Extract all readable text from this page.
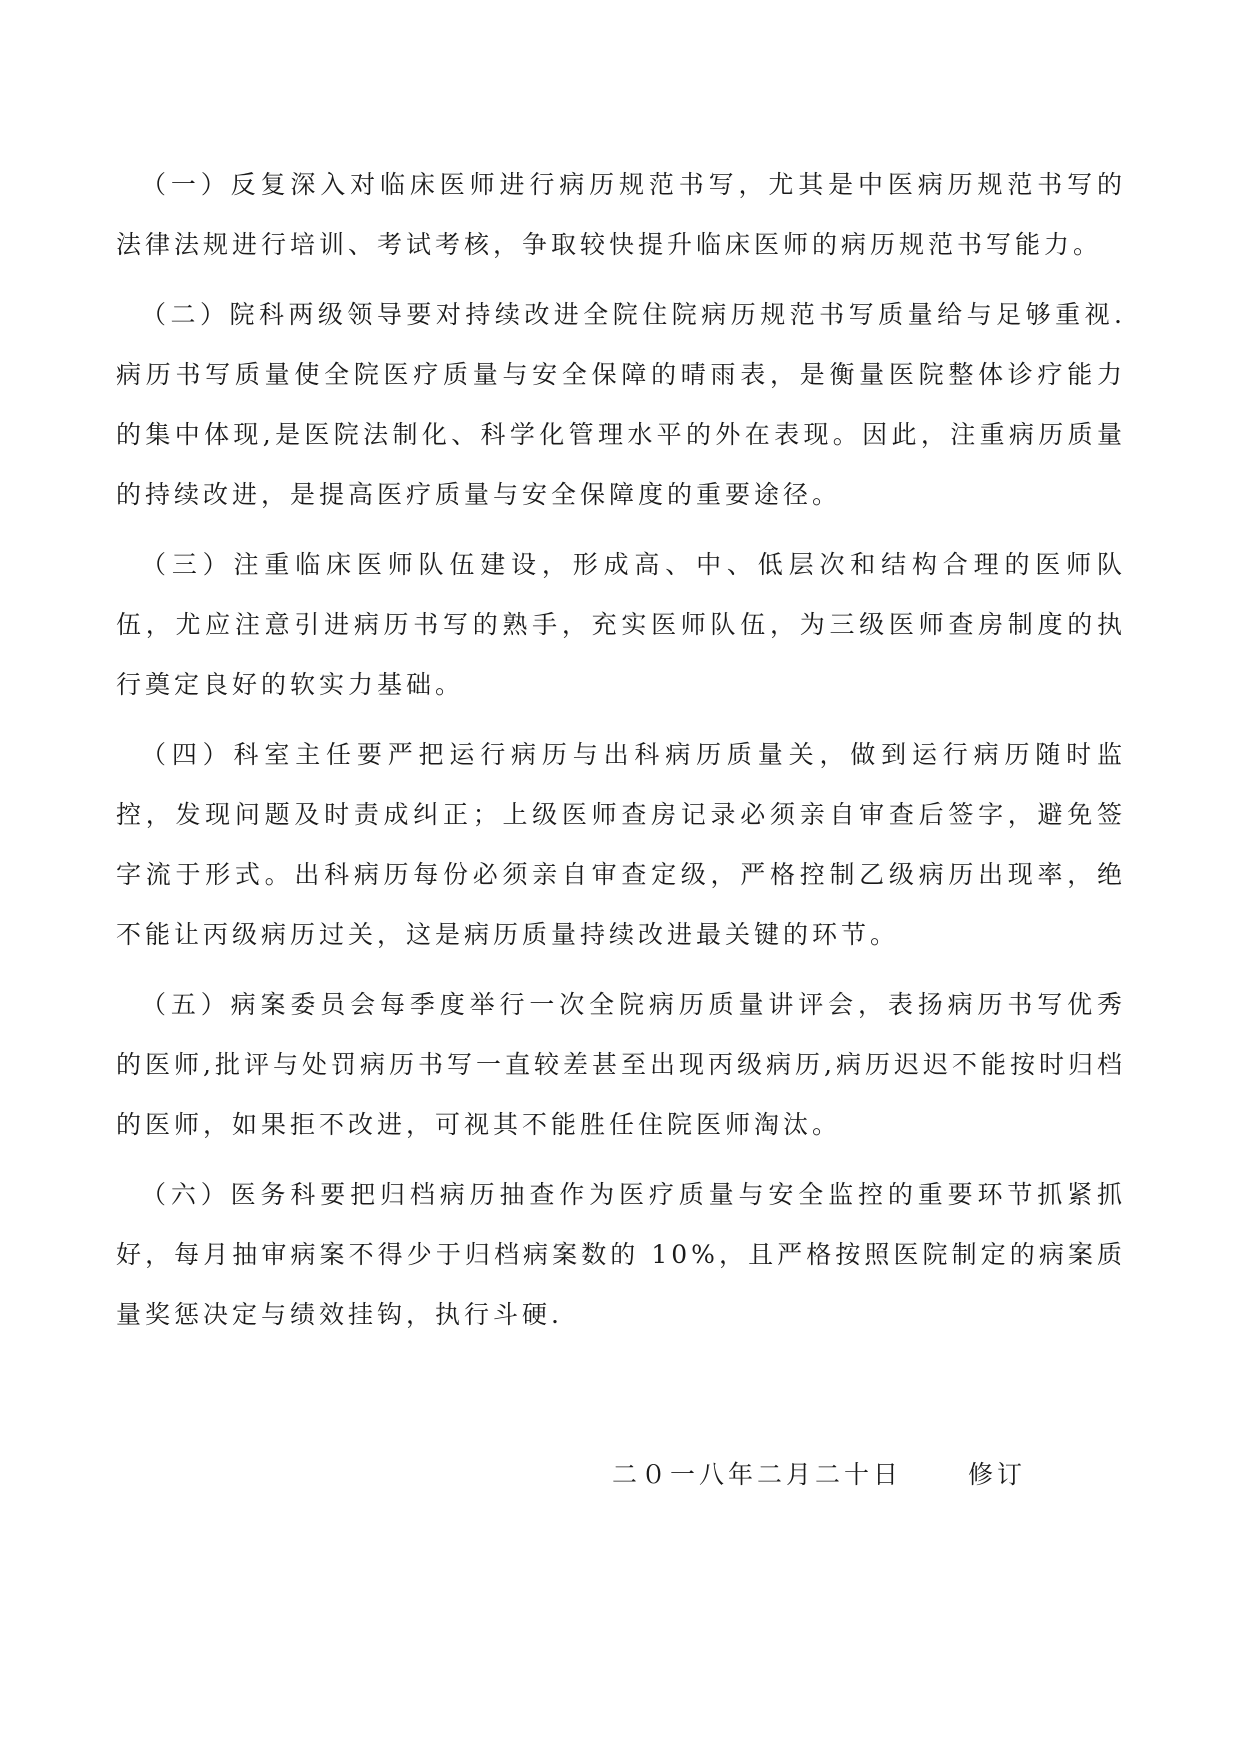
（一）反复深入对临床医师进行病历规范书写，尤其是中医病历规范书写的法律法规进行培训、考试考核，争取较快提升临床医师的病历规范书写能力。

（二）院科两级领导要对持续改进全院住院病历规范书写质量给与足够重视.病历书写质量使全院医疗质量与安全保障的晴雨表，是衡量医院整体诊疗能力的集中体现,是医院法制化、科学化管理水平的外在表现。因此，注重病历质量的持续改进，是提高医疗质量与安全保障度的重要途径。

（三）注重临床医师队伍建设，形成高、中、低层次和结构合理的医师队伍，尤应注意引进病历书写的熟手，充实医师队伍，为三级医师查房制度的执行奠定良好的软实力基础。

（四）科室主任要严把运行病历与出科病历质量关，做到运行病历随时监控，发现问题及时责成纠正；上级医师查房记录必须亲自审查后签字，避免签字流于形式。出科病历每份必须亲自审查定级，严格控制乙级病历出现率，绝不能让丙级病历过关，这是病历质量持续改进最关键的环节。

（五）病案委员会每季度举行一次全院病历质量讲评会，表扬病历书写优秀的医师,批评与处罚病历书写一直较差甚至出现丙级病历,病历迟迟不能按时归档的医师，如果拒不改进，可视其不能胜任住院医师淘汰。

（六）医务科要把归档病历抽查作为医疗质量与安全监控的重要环节抓紧抓好，每月抽审病案不得少于归档病案数的 10%，且严格按照医院制定的病案质量奖惩决定与绩效挂钩，执行斗硬.

二０一八年二月二十日	修订
